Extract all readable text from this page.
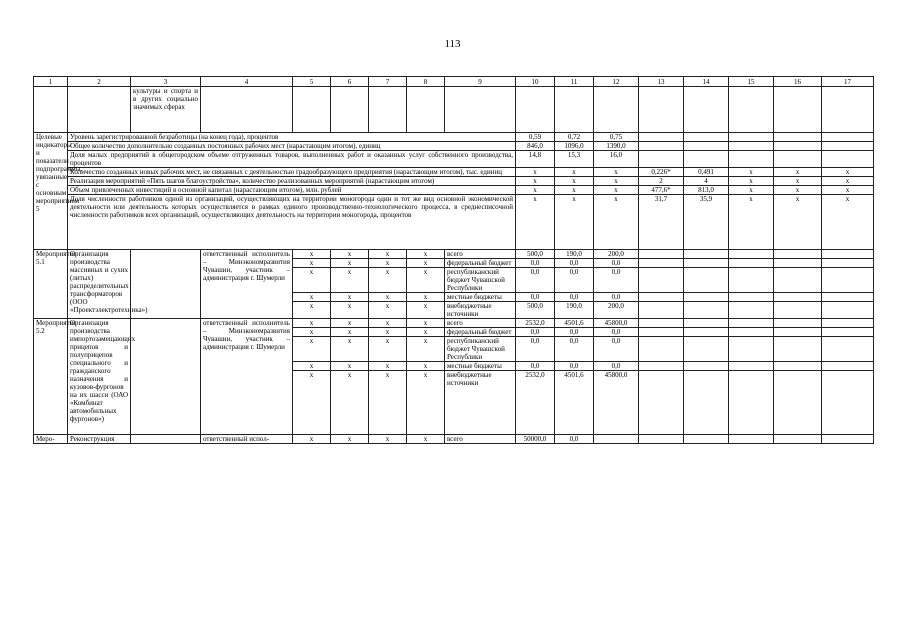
113
1	2	3	4	5	6	7	8	9	10	11	12	13	14	15	16	17
		культуры и спорта и в других социально значимых сферах														
Целевые индикаторы и показатели подпрограммы, увязанные с основным мероприятием 5	Уровень зарегистрированной безработицы (на конец года), процентов								0,59	0,72	0,75					
	Общее количество дополнительно созданных постоянных рабочих мест (нарастающим итогом), единиц								846,0	1096,0	1390,0					
	Доля малых предприятий в общегородском объеме отгруженных товаров, выполненных работ и оказанных услуг собственного производства, процентов								14,8	15,3	16,0					
	Количество созданных новых рабочих мест, не связанных с деятельностью градообразующего предприятия (нарастающим итогом), тыс. единиц								x	x	x	0,226*	0,491	x	x	x
	Реализация мероприятий «Пять шагов благоустройства», количество реализованных мероприятий (нарастающим итогом)								x	x	x	2	4	x	x	x
	Объем привлеченных инвестиций в основной капитал (нарастающим итогом), млн. рублей								x	x	x	477,6*	813,0	x	x	x
	Доля численности работников одной из организаций, осуществляющих на территории моногорода один и тот же вид основной экономической деятельности или деятельность которых осуществляется в рамках единого производственно-технологического процесса, в среднесписочной численности работников всех организаций, осуществляющих деятельность на территории моногорода, процентов								x	x	x	31,7	35,9	x	x	x
Мероприятие 5.1	Организация производства массивных и сухих (литых) распределительных трансформаторов (ООО «Проектэлектротехника»)		ответственный исполнитель – Минэкономразвития Чувашии, участник – администрация г. Шумерли	x	x	x	x	всего	500,0	190,0	200,0					
				x	x	x	x	федеральный бюджет	0,0	0,0	0,0					
				x	x	x	x	республиканский бюджет Чувашской Республики	0,0	0,0	0,0					
				x	x	x	x	местные бюджеты	0,0	0,0	0,0					
				x	x	x	x	внебюджетные источники	500,0	190,0	200,0					
Мероприятие 5.2	Организация производства импортозамещающих прицепов и полуприцепов специального и гражданского назначения и кузовов-фургонов на их шасси (ОАО «Комбинат автомобильных фургонов»)		ответственный исполнитель – Минэкономразвития Чувашии, участник – администрация г. Шумерли	x	x	x	x	всего	2532,0	4501,6	45800,0					
				x	x	x	x	федеральный бюджет	0,0	0,0	0,0					
				x	x	x	x	республиканский бюджет Чувашской Республики	0,0	0,0	0,0					
				x	x	x	x	местные бюджеты	0,0	0,0	0,0					
				x	x	x	x	внебюджетные источники	2532,0	4501,6	45800,0					
Меро-	Реконструкция		ответственный испол-	x	x	x	x	всего	50000,0	0,0						
